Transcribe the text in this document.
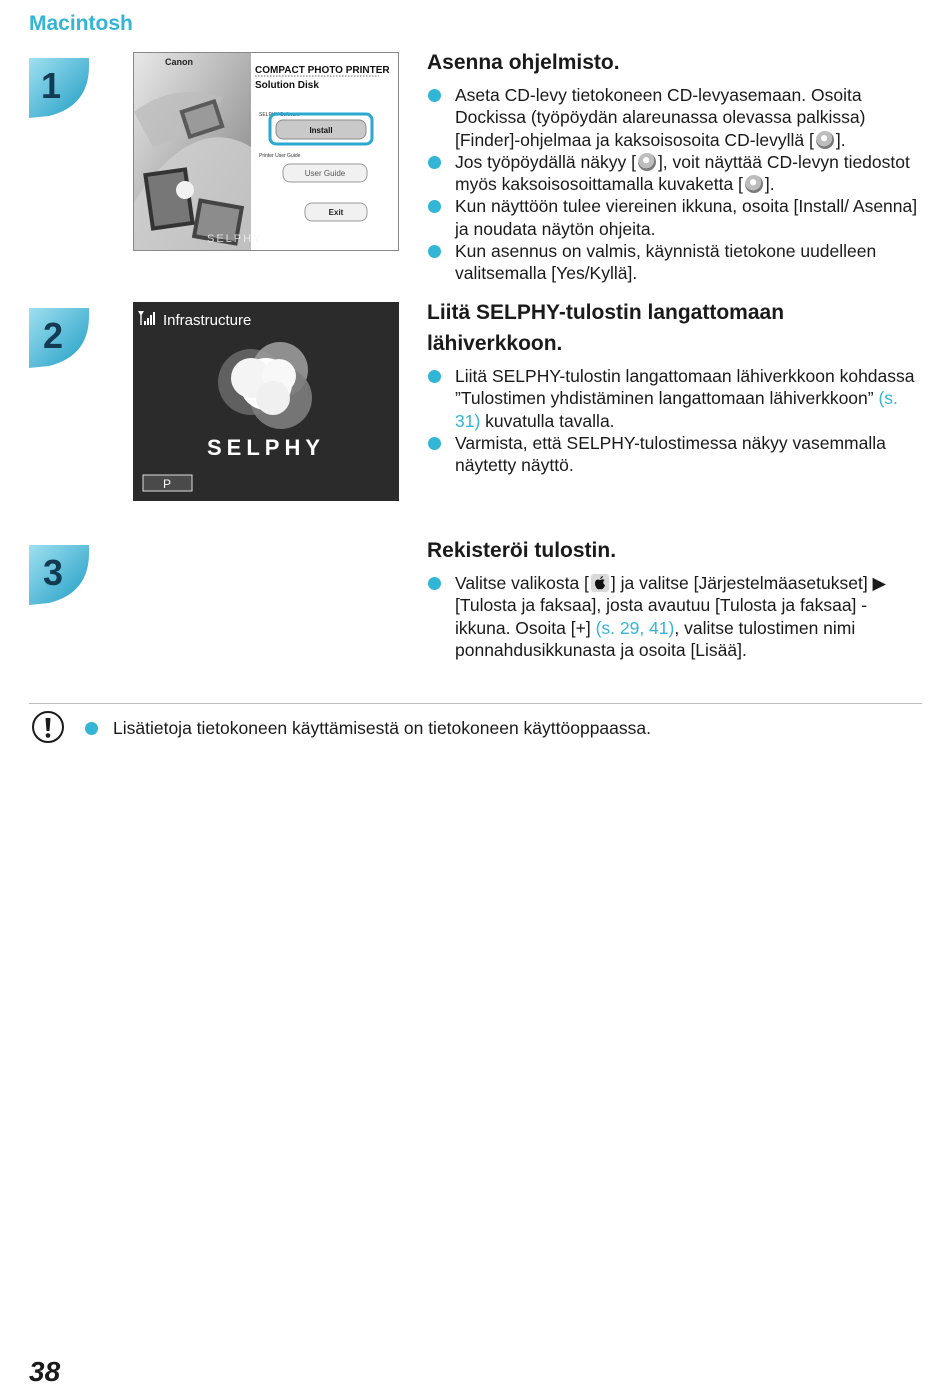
Macintosh
1
Canon
SELPHY
COMPACT PHOTO PRINTER
Solution Disk
SELPHY Software
Install
Printer User Guide
User Guide
Exit
Asenna ohjelmisto.
Aseta CD-levy tietokoneen CD-levyasemaan. Osoita Dockissa (työpöydän alareunassa olevassa palkissa) [Finder]-ohjelmaa ja kaksoisosoita CD-levyllä [ ].
Jos työpöydällä näkyy [ ], voit näyttää CD-levyn tiedostot myös kaksoisosoittamalla kuvaketta [ ].
Kun näyttöön tulee viereinen ikkuna, osoita [Install/ Asenna] ja noudata näytön ohjeita.
Kun asennus on valmis, käynnistä tietokone uudelleen valitsemalla [Yes/Kyllä].
2	Infrastructure
SELPHY
P
Liitä SELPHY-tulostin langattomaan lähiverkkoon.
Liitä SELPHY-tulostin langattomaan lähiverkkoon kohdassa ”Tulostimen yhdistäminen langattomaan lähiverkkoon” (s. 31) kuvatulla tavalla.
Varmista, että SELPHY-tulostimessa näkyy vasemmalla näytetty näyttö.
3
Rekisteröi tulostin.
Valitse valikosta [ ] ja valitse [Järjestelmäasetukset] ▶ [Tulosta ja faksaa], josta avautuu [Tulosta ja faksaa] -ikkuna. Osoita [+] (s. 29, 41), valitse tulostimen nimi ponnahdusikkunasta ja osoita [Lisää].
Lisätietoja tietokoneen käyttämisestä on tietokoneen käyttöoppaassa.
38
